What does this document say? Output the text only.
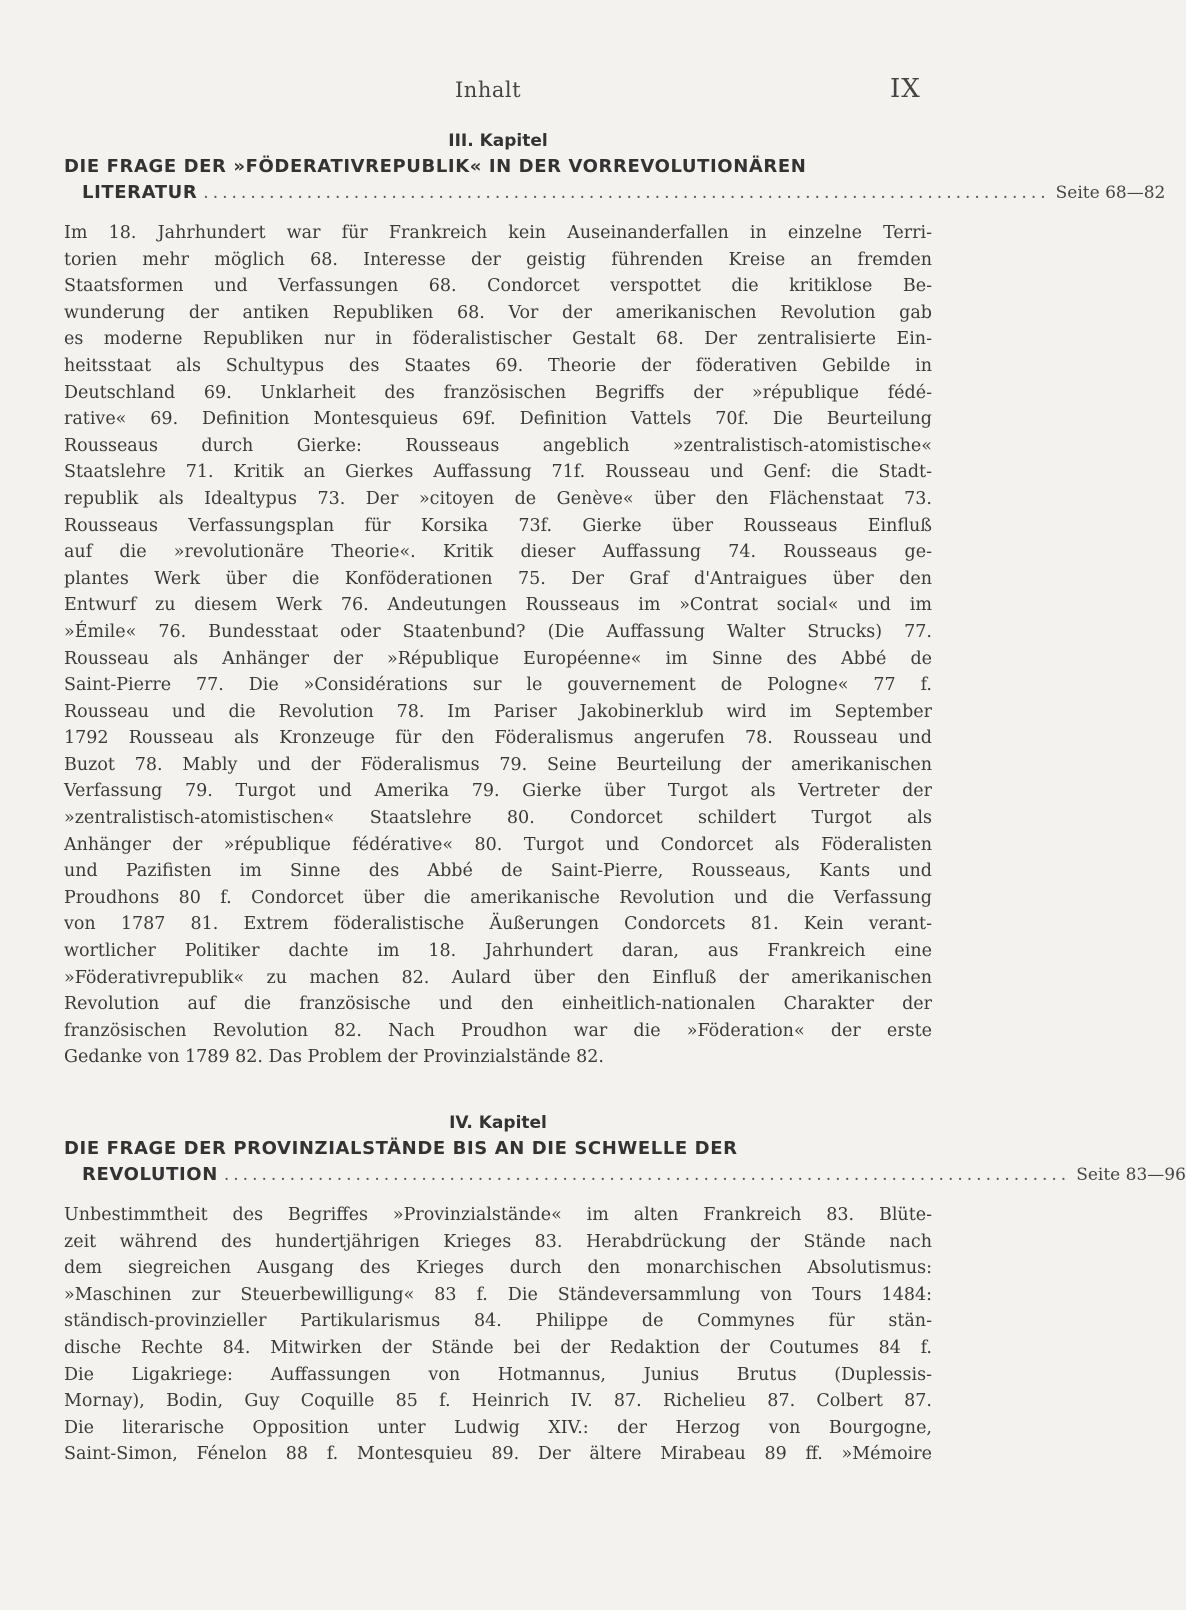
Inhalt	IX
III. Kapitel
DIE FRAGE DER »FÖDERATIVREPUBLIK« IN DER VORREVOLUTIONÄREN
LITERATUR .......................................................................................... Seite 68—82
Im 18. Jahrhundert war für Frankreich kein Auseinanderfallen in einzelne Terri-
torien mehr möglich 68. Interesse der geistig führenden Kreise an fremden
Staatsformen und Verfassungen 68. Condorcet verspottet die kritiklose Be-
wunderung der antiken Republiken 68. Vor der amerikanischen Revolution gab
es moderne Republiken nur in föderalistischer Gestalt 68. Der zentralisierte Ein-
heitsstaat als Schultypus des Staates 69. Theorie der föderativen Gebilde in
Deutschland 69. Unklarheit des französischen Begriffs der »république fédé-
rative« 69. Definition Montesquieus 69f. Definition Vattels 70f. Die Beurteilung
Rousseaus durch Gierke: Rousseaus angeblich »zentralistisch-atomistische«
Staatslehre 71. Kritik an Gierkes Auffassung 71f. Rousseau und Genf: die Stadt-
republik als Idealtypus 73. Der »citoyen de Genève« über den Flächenstaat 73.
Rousseaus Verfassungsplan für Korsika 73f. Gierke über Rousseaus Einfluß
auf die »revolutionäre Theorie«. Kritik dieser Auffassung 74. Rousseaus ge-
plantes Werk über die Konföderationen 75. Der Graf d'Antraigues über den
Entwurf zu diesem Werk 76. Andeutungen Rousseaus im »Contrat social« und im
»Émile« 76. Bundesstaat oder Staatenbund? (Die Auffassung Walter Strucks) 77.
Rousseau als Anhänger der »République Européenne« im Sinne des Abbé de
Saint-Pierre 77. Die »Considérations sur le gouvernement de Pologne« 77 f.
Rousseau und die Revolution 78. Im Pariser Jakobinerklub wird im September
1792 Rousseau als Kronzeuge für den Föderalismus angerufen 78. Rousseau und
Buzot 78. Mably und der Föderalismus 79. Seine Beurteilung der amerikanischen
Verfassung 79. Turgot und Amerika 79. Gierke über Turgot als Vertreter der
»zentralistisch-atomistischen« Staatslehre 80. Condorcet schildert Turgot als
Anhänger der »république fédérative« 80. Turgot und Condorcet als Föderalisten
und Pazifisten im Sinne des Abbé de Saint-Pierre, Rousseaus, Kants und
Proudhons 80 f. Condorcet über die amerikanische Revolution und die Verfassung
von 1787 81. Extrem föderalistische Äußerungen Condorcets 81. Kein verant-
wortlicher Politiker dachte im 18. Jahrhundert daran, aus Frankreich eine
»Föderativrepublik« zu machen 82. Aulard über den Einfluß der amerikanischen
Revolution auf die französische und den einheitlich-nationalen Charakter der
französischen Revolution 82. Nach Proudhon war die »Föderation« der erste
Gedanke von 1789 82. Das Problem der Provinzialstände 82.
IV. Kapitel
DIE FRAGE DER PROVINZIALSTÄNDE BIS AN DIE SCHWELLE DER
REVOLUTION .......................................................................................... Seite 83—96
Unbestimmtheit des Begriffes »Provinzialstände« im alten Frankreich 83. Blüte-
zeit während des hundertjährigen Krieges 83. Herabdrückung der Stände nach
dem siegreichen Ausgang des Krieges durch den monarchischen Absolutismus:
»Maschinen zur Steuerbewilligung« 83 f. Die Ständeversammlung von Tours 1484:
ständisch-provinzieller Partikularismus 84. Philippe de Commynes für stän-
dische Rechte 84. Mitwirken der Stände bei der Redaktion der Coutumes 84 f.
Die Ligakriege: Auffassungen von Hotmannus, Junius Brutus (Duplessis-
Mornay), Bodin, Guy Coquille 85 f. Heinrich IV. 87. Richelieu 87. Colbert 87.
Die literarische Opposition unter Ludwig XIV.: der Herzog von Bourgogne,
Saint-Simon, Fénelon 88 f. Montesquieu 89. Der ältere Mirabeau 89 ff. »Mémoire
